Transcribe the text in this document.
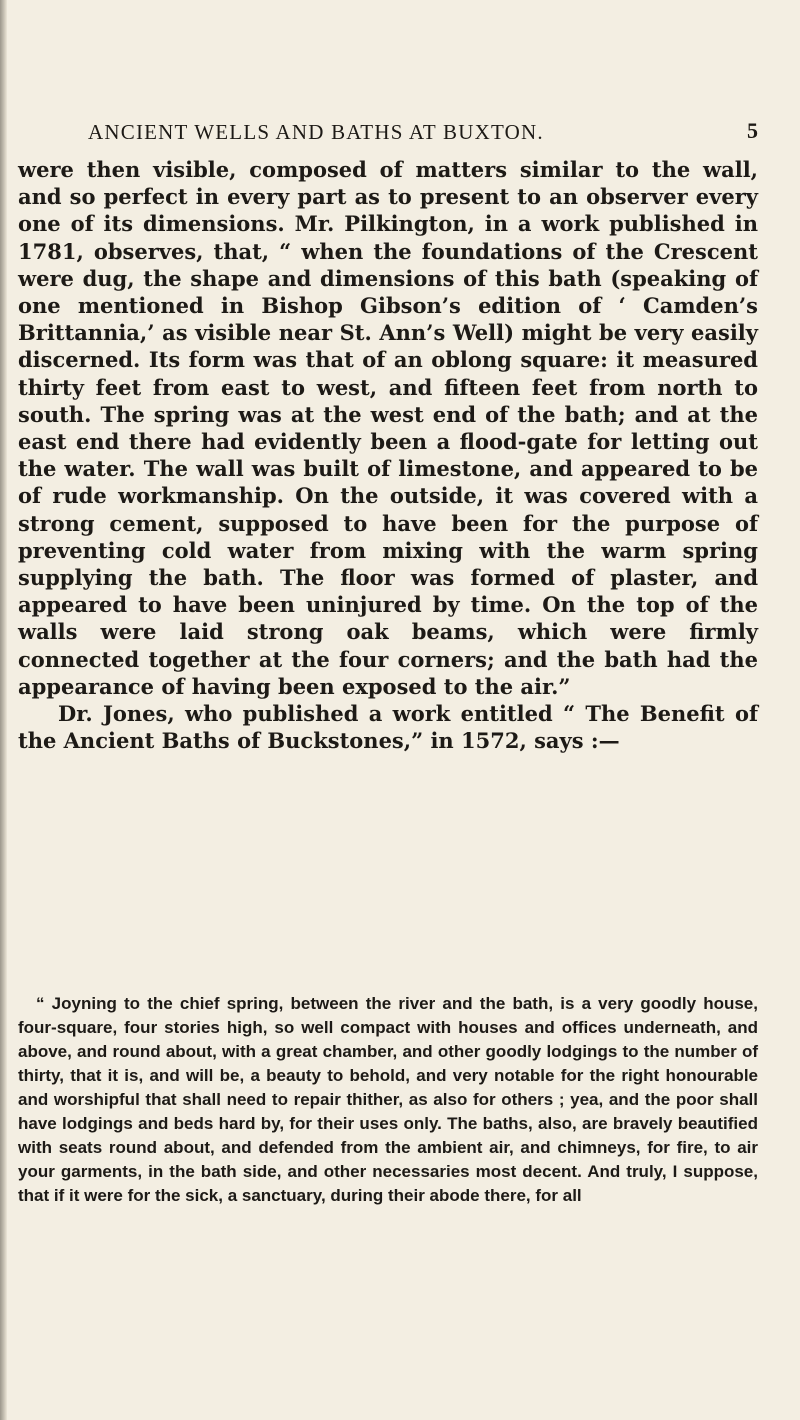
ANCIENT WELLS AND BATHS AT BUXTON.	5

were then visible, composed of matters similar to the wall, and so perfect in every part as to present to an observer every one of its dimensions. Mr. Pilkington, in a work published in 1781, observes, that, “ when the foundations of the Crescent were dug, the shape and dimensions of this bath (speaking of one mentioned in Bishop Gibson’s edition of ‘ Camden’s Brittannia,’ as visible near St. Ann’s Well) might be very easily discerned. Its form was that of an oblong square: it measured thirty feet from east to west, and fifteen feet from north to south. The spring was at the west end of the bath; and at the east end there had evidently been a flood-gate for letting out the water. The wall was built of limestone, and appeared to be of rude workmanship. On the outside, it was covered with a strong cement, supposed to have been for the purpose of preventing cold water from mixing with the warm spring supplying the bath. The floor was formed of plaster, and appeared to have been uninjured by time. On the top of the walls were laid strong oak beams, which were firmly connected together at the four corners; and the bath had the appearance of having been exposed to the air.”

Dr. Jones, who published a work entitled “ The Benefit of the Ancient Baths of Buckstones,” in 1572, says :—

“ Joyning to the chief spring, between the river and the bath, is a very goodly house, four-square, four stories high, so well compact with houses and offices underneath, and above, and round about, with a great chamber, and other goodly lodgings to the number of thirty, that it is, and will be, a beauty to behold, and very notable for the right honourable and worshipful that shall need to repair thither, as also for others ; yea, and the poor shall have lodgings and beds hard by, for their uses only. The baths, also, are bravely beautified with seats round about, and defended from the ambient air, and chimneys, for fire, to air your garments, in the bath side, and other necessaries most decent. And truly, I suppose, that if it were for the sick, a sanctuary, during their abode there, for all
